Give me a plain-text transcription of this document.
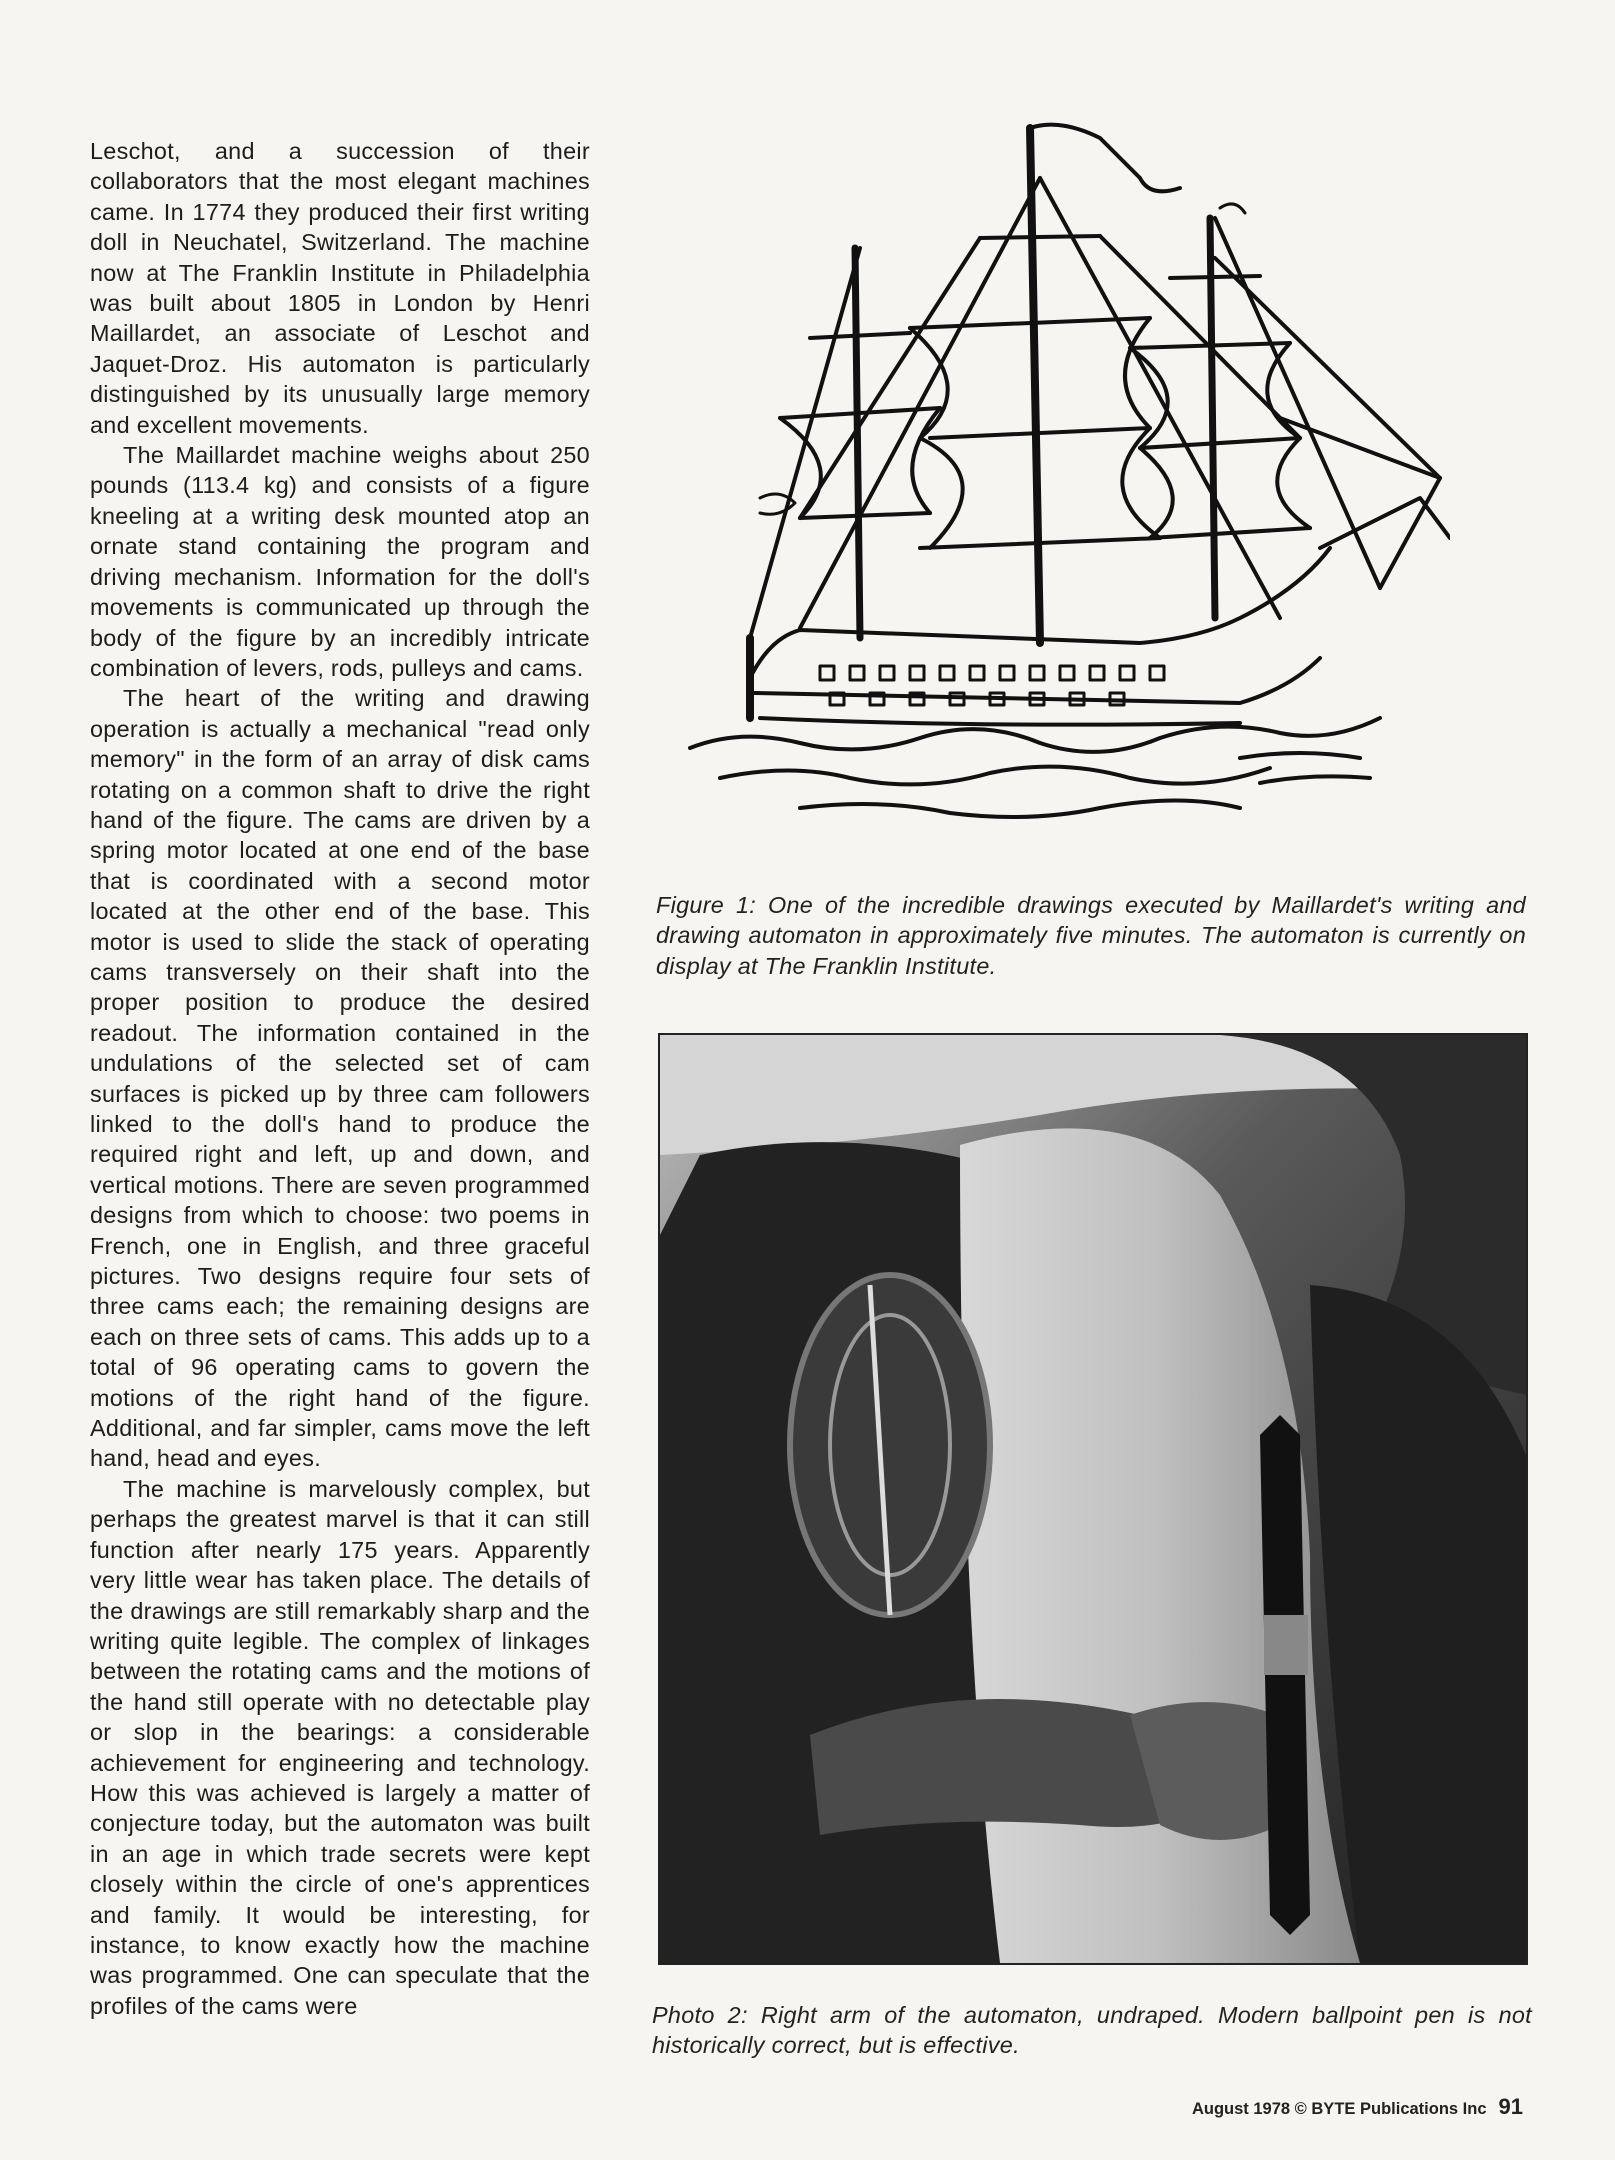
Leschot, and a succession of their collaborators that the most elegant machines came. In 1774 they produced their first writing doll in Neuchatel, Switzerland. The machine now at The Franklin Institute in Philadelphia was built about 1805 in London by Henri Maillardet, an associate of Leschot and Jaquet-Droz. His automaton is particularly distinguished by its unusually large memory and excellent movements.

The Maillardet machine weighs about 250 pounds (113.4 kg) and consists of a figure kneeling at a writing desk mounted atop an ornate stand containing the program and driving mechanism. Information for the doll's movements is communicated up through the body of the figure by an incredibly intricate combination of levers, rods, pulleys and cams.

The heart of the writing and drawing operation is actually a mechanical "read only memory" in the form of an array of disk cams rotating on a common shaft to drive the right hand of the figure. The cams are driven by a spring motor located at one end of the base that is coordinated with a second motor located at the other end of the base. This motor is used to slide the stack of operating cams transversely on their shaft into the proper position to produce the desired readout. The information contained in the undulations of the selected set of cam surfaces is picked up by three cam followers linked to the doll's hand to produce the required right and left, up and down, and vertical motions. There are seven programmed designs from which to choose: two poems in French, one in English, and three graceful pictures. Two designs require four sets of three cams each; the remaining designs are each on three sets of cams. This adds up to a total of 96 operating cams to govern the motions of the right hand of the figure. Additional, and far simpler, cams move the left hand, head and eyes.

The machine is marvelously complex, but perhaps the greatest marvel is that it can still function after nearly 175 years. Apparently very little wear has taken place. The details of the drawings are still remarkably sharp and the writing quite legible. The complex of linkages between the rotating cams and the motions of the hand still operate with no detectable play or slop in the bearings: a considerable achievement for engineering and technology. How this was achieved is largely a matter of conjecture today, but the automaton was built in an age in which trade secrets were kept closely within the circle of one's apprentices and family. It would be interesting, for instance, to know exactly how the machine was programmed. One can speculate that the profiles of the cams were

Figure 1: One of the incredible drawings executed by Maillardet's writing and drawing automaton in approximately five minutes. The automaton is currently on display at The Franklin Institute.
Photo 2: Right arm of the automaton, undraped. Modern ballpoint pen is not historically correct, but is effective.
August 1978 © BYTE Publications Inc 91
